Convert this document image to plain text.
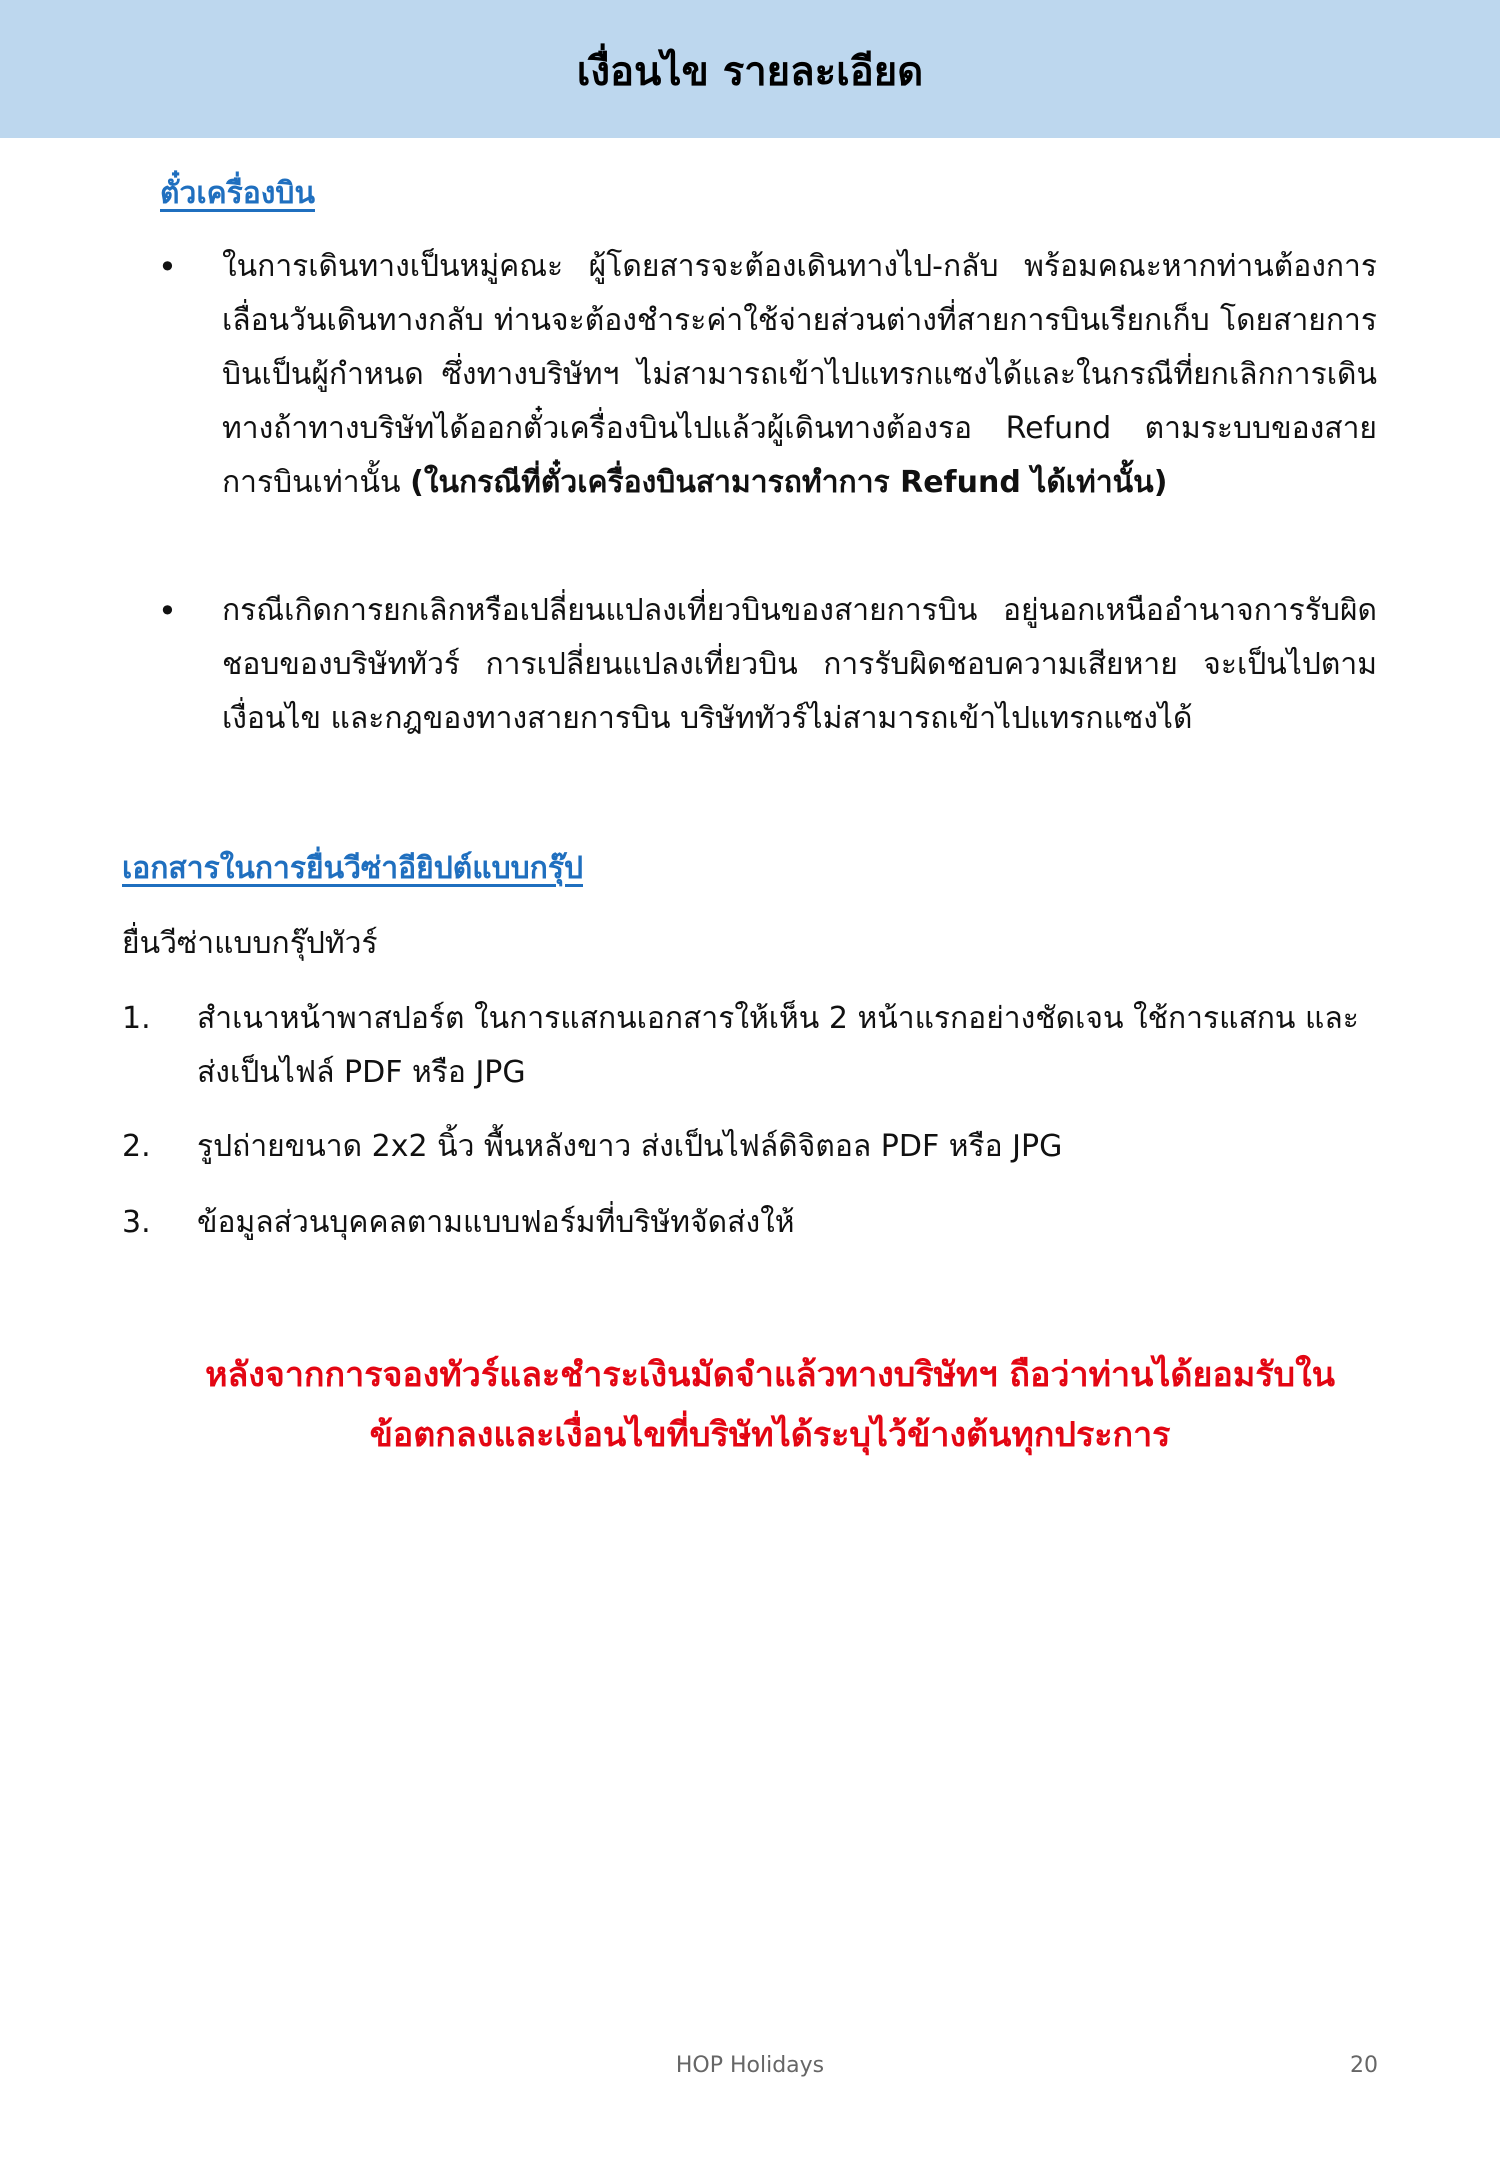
เงื่อนไข รายละเอียด
ตั๋วเครื่องบิน
• ในการเดินทางเป็นหมู่คณะ ผู้โดยสารจะต้องเดินทางไป-กลับ พร้อมคณะหากท่านต้องการเลื่อนวันเดินทางกลับ ท่านจะต้องชำระค่าใช้จ่ายส่วนต่างที่สายการบินเรียกเก็บ โดยสายการบินเป็นผู้กำหนด ซึ่งทางบริษัทฯ ไม่สามารถเข้าไปแทรกแซงได้และในกรณีที่ยกเลิกการเดินทางถ้าทางบริษัทได้ออกตั๋วเครื่องบินไปแล้วผู้เดินทางต้องรอ Refund ตามระบบของสายการบินเท่านั้น (ในกรณีที่ตั๋วเครื่องบินสามารถทำการ Refund ได้เท่านั้น)
• กรณีเกิดการยกเลิกหรือเปลี่ยนแปลงเที่ยวบินของสายการบิน อยู่นอกเหนืออำนาจการรับผิดชอบของบริษัททัวร์ การเปลี่ยนแปลงเที่ยวบิน การรับผิดชอบความเสียหาย จะเป็นไปตามเงื่อนไข และกฎของทางสายการบิน บริษัททัวร์ไม่สามารถเข้าไปแทรกแซงได้
เอกสารในการยื่นวีซ่าอียิปต์แบบกรุ๊ป
ยื่นวีซ่าแบบกรุ๊ปทัวร์
1. สำเนาหน้าพาสปอร์ต ในการแสกนเอกสารให้เห็น 2 หน้าแรกอย่างชัดเจน ใช้การแสกน และส่งเป็นไฟล์ PDF หรือ JPG
2. รูปถ่ายขนาด 2x2 นิ้ว พื้นหลังขาว ส่งเป็นไฟล์ดิจิตอล PDF หรือ JPG
3. ข้อมูลส่วนบุคคลตามแบบฟอร์มที่บริษัทจัดส่งให้
หลังจากการจองทัวร์และชำระเงินมัดจำแล้วทางบริษัทฯ ถือว่าท่านได้ยอมรับใน
ข้อตกลงและเงื่อนไขที่บริษัทได้ระบุไว้ข้างต้นทุกประการ
HOP Holidays	20
